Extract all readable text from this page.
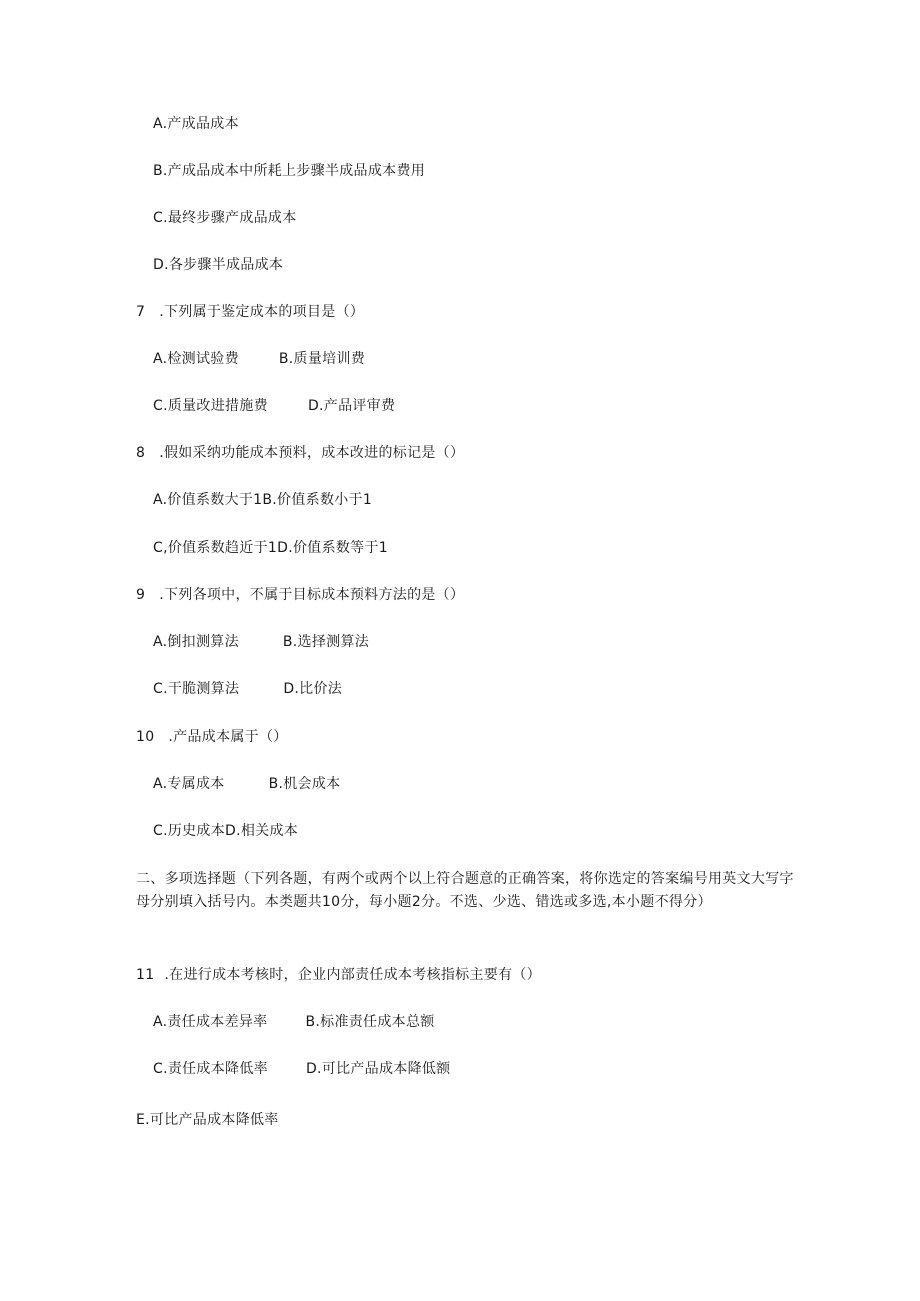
A.产成品成本
B.产成品成本中所耗上步骤半成品成本费用
C.最终步骤产成品成本
D.各步骤半成品成本
7 .下列属于鉴定成本的项目是（）
A.检测试验费	B.质量培训费
C.质量改进措施费	D.产品评审费
8 .假如采纳功能成本预料，成本改进的标记是（）
A.价值系数大于1B.价值系数小于1
C,价值系数趋近于1D.价值系数等于1
9 .下列各项中，不属于目标成本预料方法的是（）
A.倒扣测算法	B.选择测算法
C.干脆测算法	D.比价法
10 .产品成本属于（）
A.专属成本	B.机会成本
C.历史成本D.相关成本
二、多项选择题（下列各题，有两个或两个以上符合题意的正确答案，将你选定的答案编号用英文大写字母分别填入括号内。本类题共10分，每小题2分。不选、少选、错选或多选,本小题不得分）
11 .在进行成本考核时，企业内部责任成本考核指标主要有（）
A.责任成本差异率	B.标准责任成本总额
C.责任成本降低率	D.可比产品成本降低额
E.可比产品成本降低率
